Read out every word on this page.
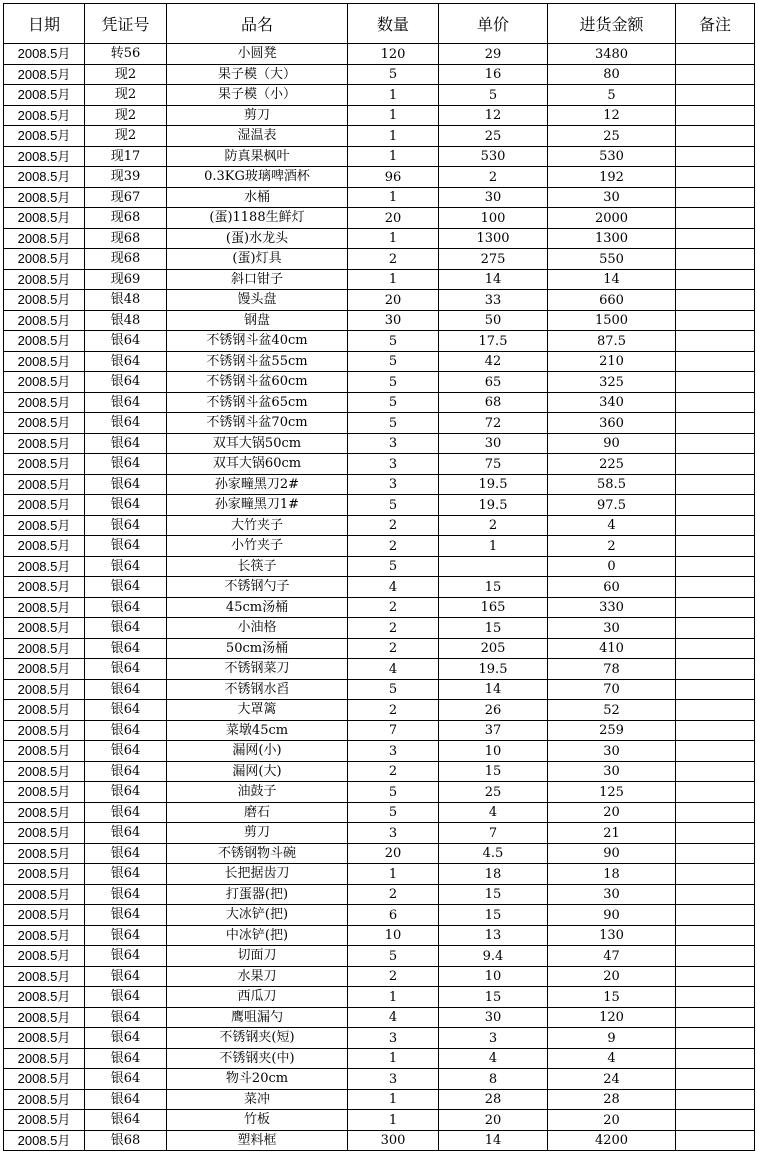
日期	凭证号	品名	数量	单价	进货金额	备注
2008.5月	转56	小圆凳	120	29	3480	
2008.5月	现2	果子模（大）	5	16	80	
2008.5月	现2	果子模（小）	1	5	5	
2008.5月	现2	剪刀	1	12	12	
2008.5月	现2	湿温表	1	25	25	
2008.5月	现17	防真果枫叶	1	530	530	
2008.5月	现39	0.3KG玻璃啤酒杯	96	2	192	
2008.5月	现67	水桶	1	30	30	
2008.5月	现68	(蛋)1188生鲜灯	20	100	2000	
2008.5月	现68	(蛋)水龙头	1	1300	1300	
2008.5月	现68	(蛋)灯具	2	275	550	
2008.5月	现69	斜口钳子	1	14	14	
2008.5月	银48	馒头盘	20	33	660	
2008.5月	银48	钢盘	30	50	1500	
2008.5月	银64	不锈钢斗盆40cm	5	17.5	87.5	
2008.5月	银64	不锈钢斗盆55cm	5	42	210	
2008.5月	银64	不锈钢斗盆60cm	5	65	325	
2008.5月	银64	不锈钢斗盆65cm	5	68	340	
2008.5月	银64	不锈钢斗盆70cm	5	72	360	
2008.5月	银64	双耳大锅50cm	3	30	90	
2008.5月	银64	双耳大锅60cm	3	75	225	
2008.5月	银64	孙家疃黑刀2#	3	19.5	58.5	
2008.5月	银64	孙家疃黑刀1#	5	19.5	97.5	
2008.5月	银64	大竹夹子	2	2	4	
2008.5月	银64	小竹夹子	2	1	2	
2008.5月	银64	长筷子	5		0	
2008.5月	银64	不锈钢勺子	4	15	60	
2008.5月	银64	45cm汤桶	2	165	330	
2008.5月	银64	小油格	2	15	30	
2008.5月	银64	50cm汤桶	2	205	410	
2008.5月	银64	不锈钢菜刀	4	19.5	78	
2008.5月	银64	不锈钢水舀	5	14	70	
2008.5月	银64	大罩篱	2	26	52	
2008.5月	银64	菜墩45cm	7	37	259	
2008.5月	银64	漏网(小)	3	10	30	
2008.5月	银64	漏网(大)	2	15	30	
2008.5月	银64	油鼓子	5	25	125	
2008.5月	银64	磨石	5	4	20	
2008.5月	银64	剪刀	3	7	21	
2008.5月	银64	不锈钢物斗碗	20	4.5	90	
2008.5月	银64	长把据齿刀	1	18	18	
2008.5月	银64	打蛋器(把)	2	15	30	
2008.5月	银64	大冰铲(把)	6	15	90	
2008.5月	银64	中冰铲(把)	10	13	130	
2008.5月	银64	切面刀	5	9.4	47	
2008.5月	银64	水果刀	2	10	20	
2008.5月	银64	西瓜刀	1	15	15	
2008.5月	银64	鹰咀漏勺	4	30	120	
2008.5月	银64	不锈钢夹(短)	3	3	9	
2008.5月	银64	不锈钢夹(中)	1	4	4	
2008.5月	银64	物斗20cm	3	8	24	
2008.5月	银64	菜冲	1	28	28	
2008.5月	银64	竹板	1	20	20	
2008.5月	银68	塑料框	300	14	4200	
